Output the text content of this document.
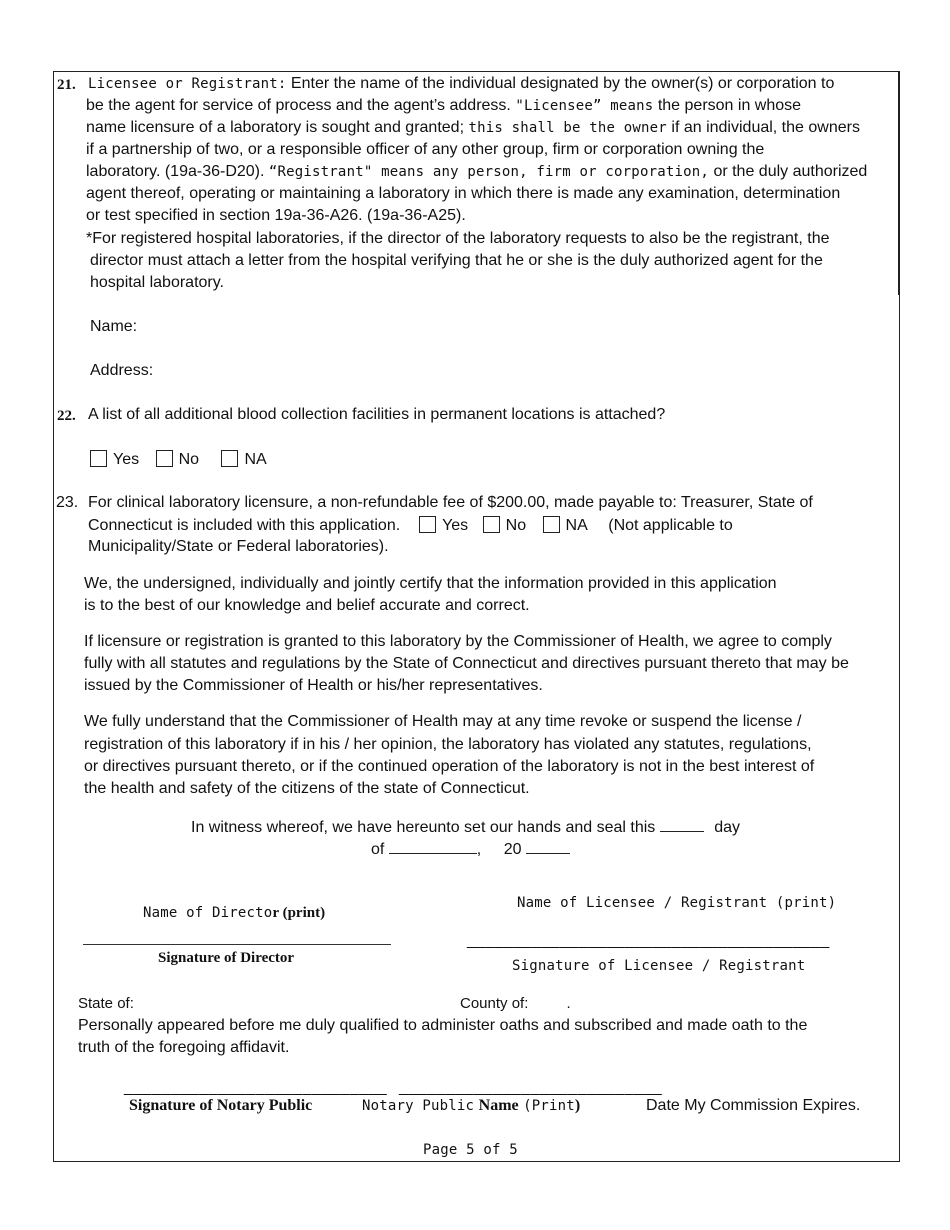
21. Licensee or Registrant: Enter the name of the individual designated by the owner(s) or corporation to
be the agent for service of process and the agent’s address. "Licensee” means the person in whose
name licensure of a laboratory is sought and granted; this shall be the owner if an individual, the owners
if a partnership of two, or a responsible officer of any other group, firm or corporation owning the
laboratory. (19a-36-D20). “Registrant" means any person, firm or corporation, or the duly authorized
agent thereof, operating or maintaining a laboratory in which there is made any examination, determination
or test specified in section 19a-36-A26. (19a-36-A25).
*For registered hospital laboratories, if the director of the laboratory requests to also be the registrant, the
director must attach a letter from the hospital verifying that he or she is the duly authorized agent for the
hospital laboratory.
Name:
Address:
22. A list of all additional blood collection facilities in permanent locations is attached?
Yes No	NA
23. For clinical laboratory licensure, a non-refundable fee of $200.00, made payable to: Treasurer, State of
Connecticut is included with this application.	Yes No NA (Not applicable to
Municipality/State or Federal laboratories).
We, the undersigned, individually and jointly certify that the information provided in this application
is to the best of our knowledge and belief accurate and correct.
If licensure or registration is granted to this laboratory by the Commissioner of Health, we agree to comply
fully with all statutes and regulations by the State of Connecticut and directives pursuant thereto that may be
issued by the Commissioner of Health or his/her representatives.
We fully understand that the Commissioner of Health may at any time revoke or suspend the license /
registration of this laboratory if in his / her opinion, the laboratory has violated any statutes, regulations,
or directives pursuant thereto, or if the continued operation of the laboratory is not in the best interest of
the health and safety of the citizens of the state of Connecticut.
In witness whereof, we have hereunto set our hands and seal this	day
of	, 20
Name of Director (print)
Name of Licensee / Registrant (print)
Signature of Director
_______________________________________
Signature of Licensee / Registrant
State of:	County of:	.
Personally appeared before me duly qualified to administer oaths and subscribed and made oath to the
truth of the foregoing affidavit.
____________________________ ____________________________
Signature of Notary Public	Notary Public Name (Print)	Date My Commission Expires.
Page 5 of 5
